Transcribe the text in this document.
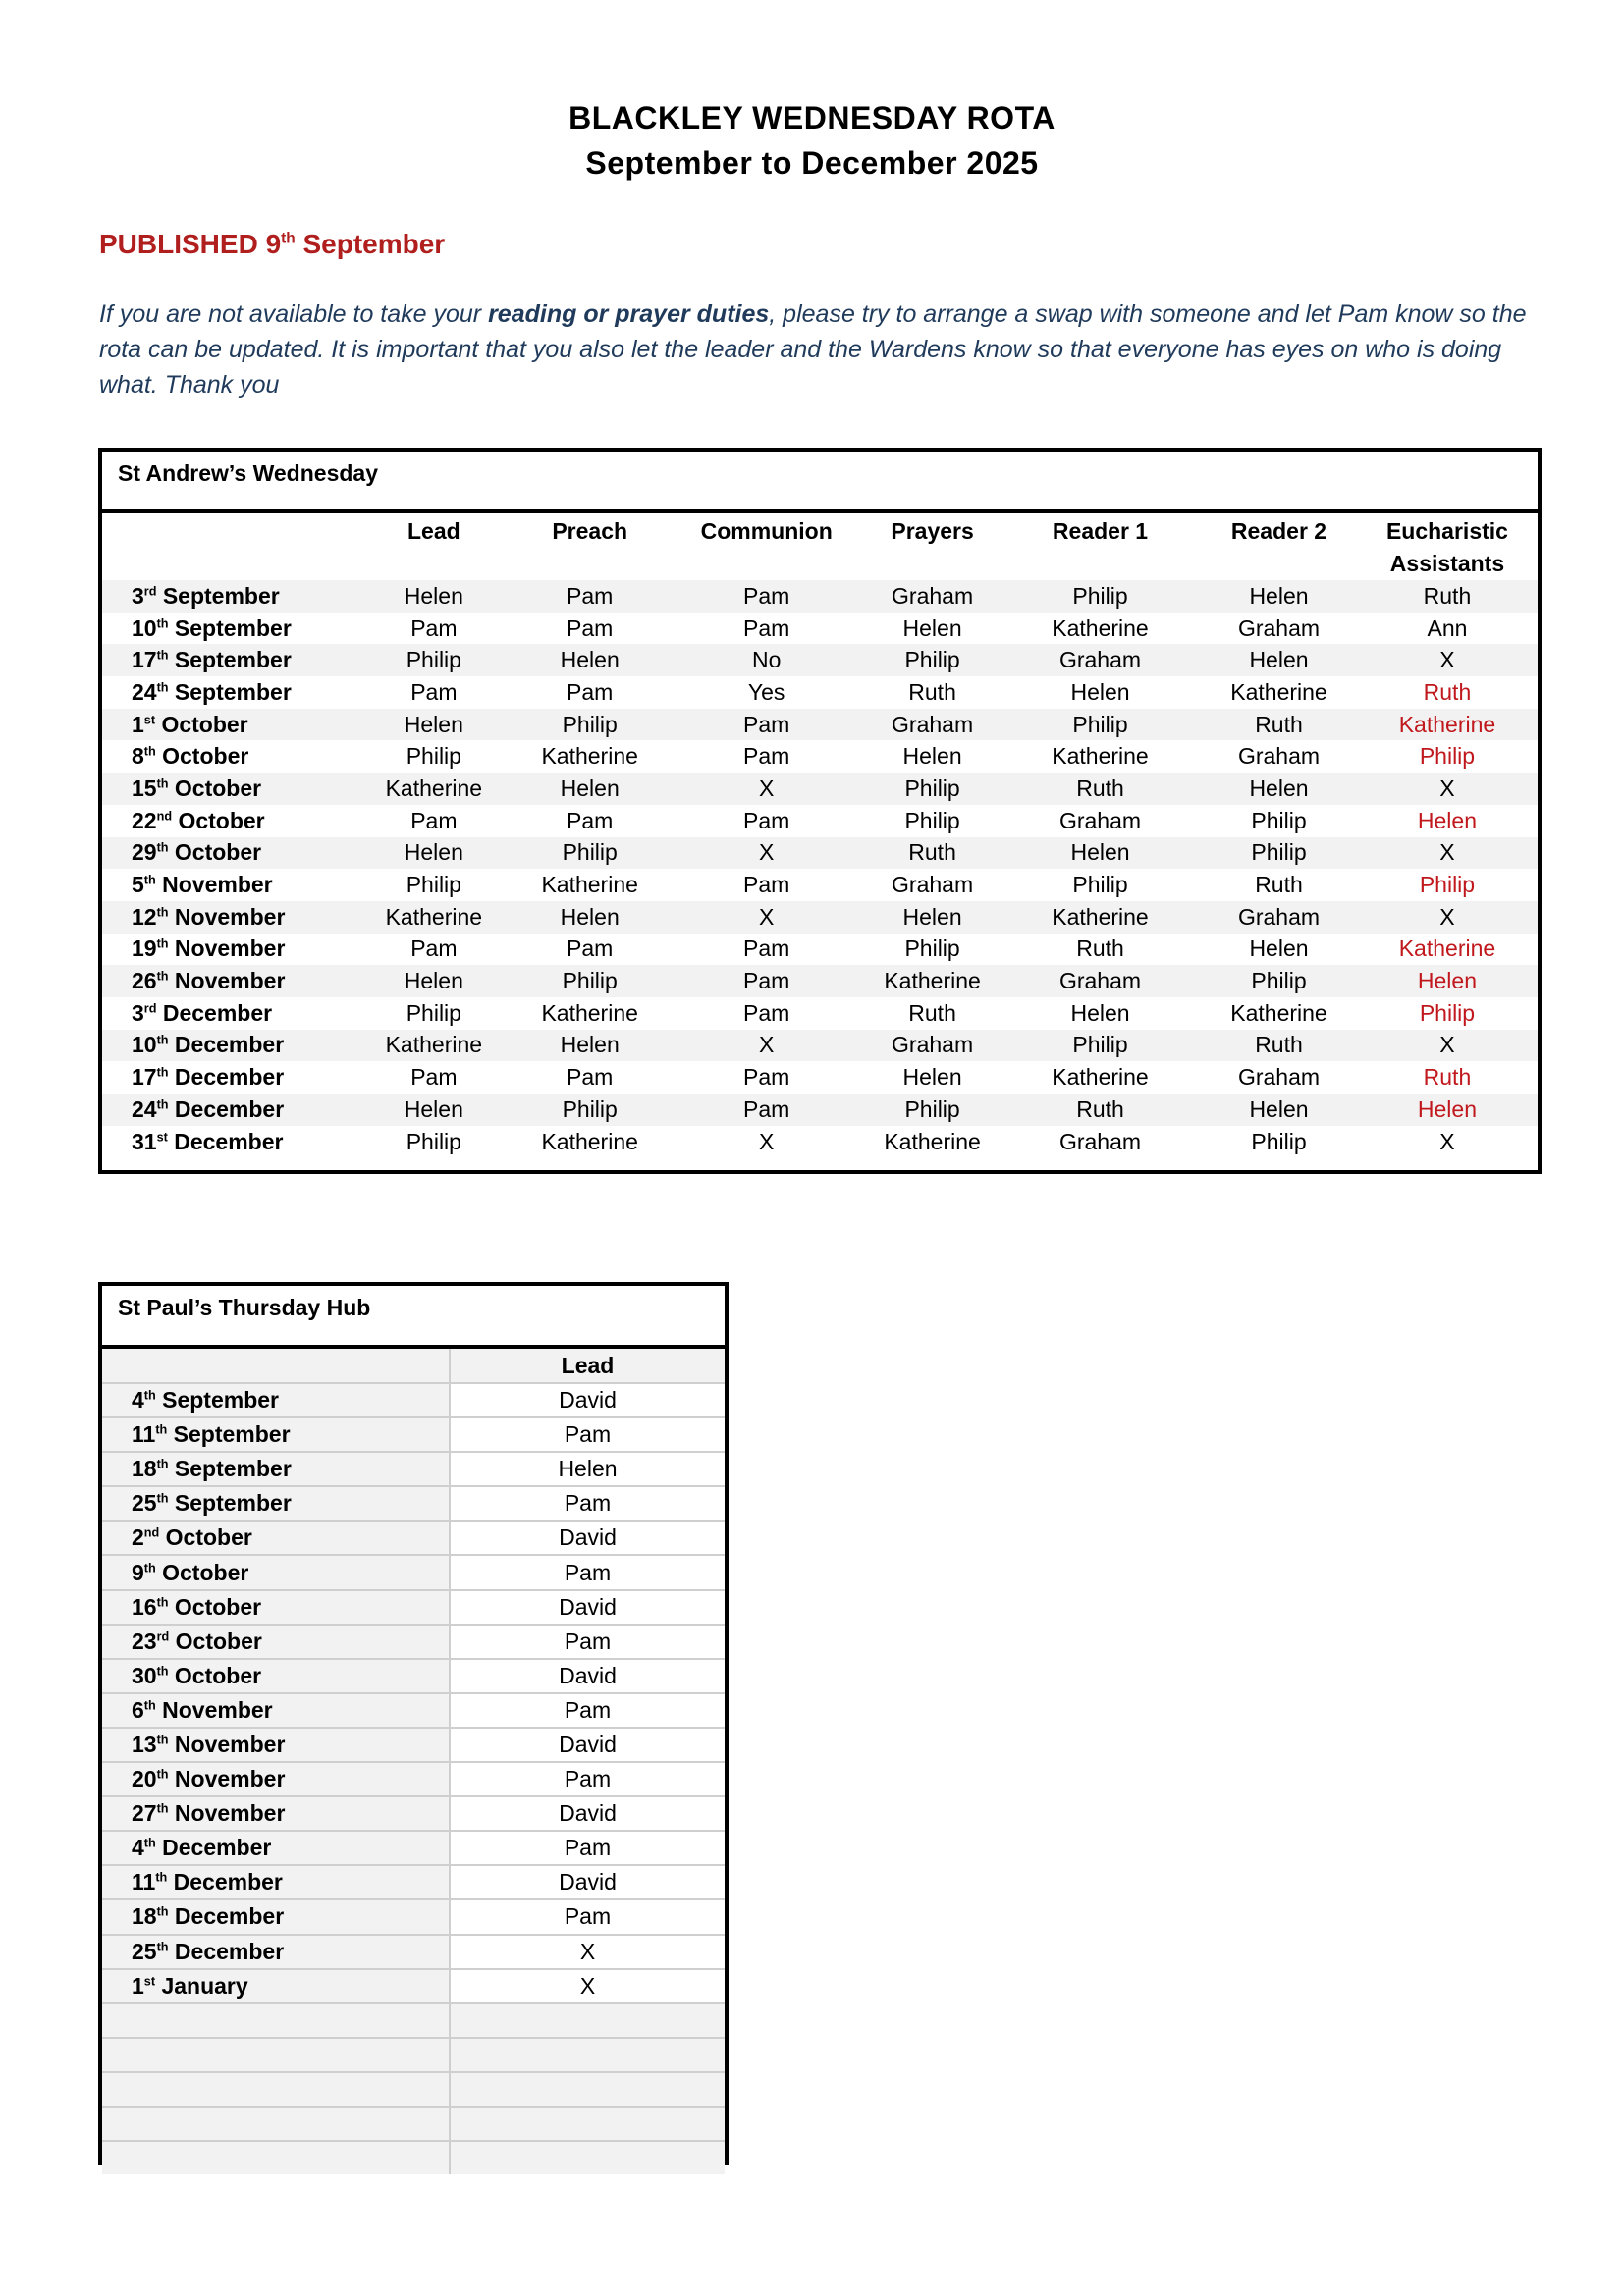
BLACKLEY WEDNESDAY ROTA
September to December 2025
PUBLISHED 9th September
If you are not available to take your reading or prayer duties, please try to arrange a swap with someone and let Pam know so the rota can be updated. It is important that you also let the leader and the Wardens know so that everyone has eyes on who is doing what. Thank you
St Andrew’s Wednesday
	Lead	Preach	Communion	Prayers	Reader 1	Reader 2	Eucharistic Assistants
3rd September	Helen	Pam	Pam	Graham	Philip	Helen	Ruth
10th September	Pam	Pam	Pam	Helen	Katherine	Graham	Ann
17th September	Philip	Helen	No	Philip	Graham	Helen	X
24th September	Pam	Pam	Yes	Ruth	Helen	Katherine	Ruth
1st October	Helen	Philip	Pam	Graham	Philip	Ruth	Katherine
8th October	Philip	Katherine	Pam	Helen	Katherine	Graham	Philip
15th October	Katherine	Helen	X	Philip	Ruth	Helen	X
22nd October	Pam	Pam	Pam	Philip	Graham	Philip	Helen
29th October	Helen	Philip	X	Ruth	Helen	Philip	X
5th November	Philip	Katherine	Pam	Graham	Philip	Ruth	Philip
12th November	Katherine	Helen	X	Helen	Katherine	Graham	X
19th November	Pam	Pam	Pam	Philip	Ruth	Helen	Katherine
26th November	Helen	Philip	Pam	Katherine	Graham	Philip	Helen
3rd December	Philip	Katherine	Pam	Ruth	Helen	Katherine	Philip
10th December	Katherine	Helen	X	Graham	Philip	Ruth	X
17th December	Pam	Pam	Pam	Helen	Katherine	Graham	Ruth
24th December	Helen	Philip	Pam	Philip	Ruth	Helen	Helen
31st December	Philip	Katherine	X	Katherine	Graham	Philip	X
St Paul’s Thursday Hub
	Lead
4th September	David
11th September	Pam
18th September	Helen
25th September	Pam
2nd October	David
9th October	Pam
16th October	David
23rd October	Pam
30th October	David
6th November	Pam
13th November	David
20th November	Pam
27th November	David
4th December	Pam
11th December	David
18th December	Pam
25th December	X
1st January	X
